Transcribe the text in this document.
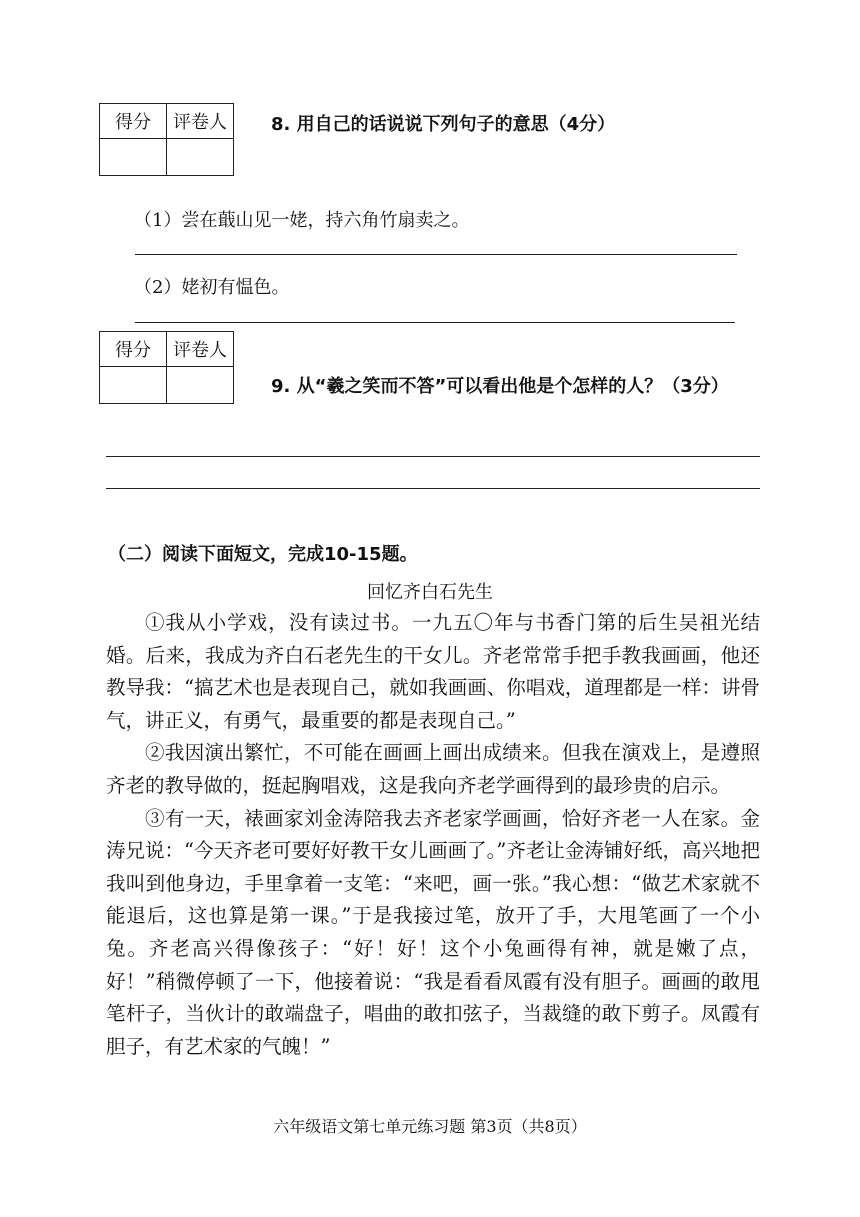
得分	评卷人
	8. 用自己的话说说下列句子的意思（4分）
（1）尝在蕺山见一姥，持六角竹扇卖之。
（2）姥初有愠色。
得分	评卷人

9. 从“羲之笑而不答”可以看出他是个怎样的人？（3分）
（二）阅读下面短文，完成10-15题。
回忆齐白石先生

①我从小学戏，没有读过书。一九五〇年与书香门第的后生吴祖光结婚。后来，我成为齐白石老先生的干女儿。齐老常常手把手教我画画，他还教导我：“搞艺术也是表现自己，就如我画画、你唱戏，道理都是一样：讲骨气，讲正义，有勇气，最重要的都是表现自己。”

②我因演出繁忙，不可能在画画上画出成绩来。但我在演戏上，是遵照齐老的教导做的，挺起胸唱戏，这是我向齐老学画得到的最珍贵的启示。

③有一天，裱画家刘金涛陪我去齐老家学画画，恰好齐老一人在家。金涛兄说：“今天齐老可要好好教干女儿画画了。”齐老让金涛铺好纸，高兴地把我叫到他身边，手里拿着一支笔：“来吧，画一张。”我心想：“做艺术家就不能退后，这也算是第一课。”于是我接过笔，放开了手，大甩笔画了一个小兔。齐老高兴得像孩子：“好！好！这个小兔画得有神，就是嫩了点，好！”稍微停顿了一下，他接着说：“我是看看凤霞有没有胆子。画画的敢甩笔杆子，当伙计的敢端盘子，唱曲的敢扣弦子，当裁缝的敢下剪子。凤霞有胆子，有艺术家的气魄！”

六年级语文第七单元练习题 第3页（共8页）
